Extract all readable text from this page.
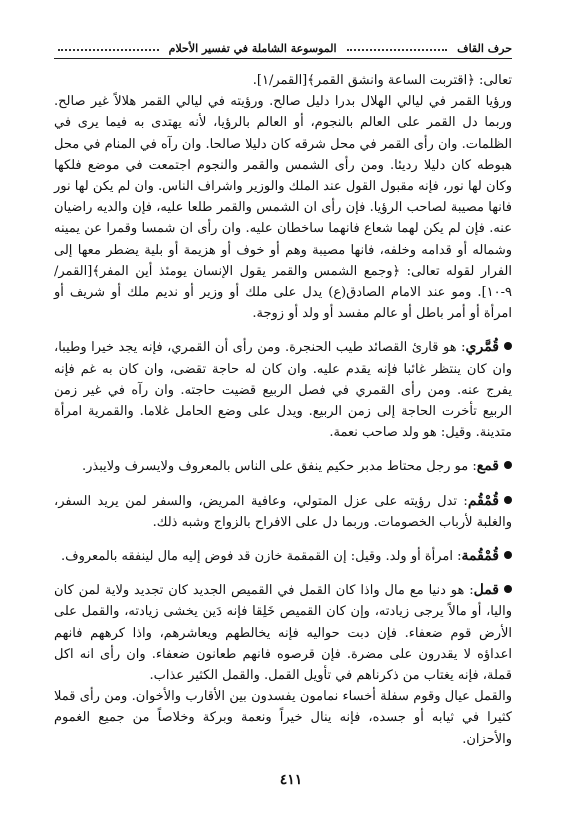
حرف القاف
الموسوعة الشاملة في تفسير الأحلام

تعالى: ﴿اقتربت الساعة وانشق القمر﴾[القمر/١].

ورؤيا القمر في ليالي الهلال بدرا دليل صالح. ورؤيته في ليالي القمر هلالاً غير صالح. وربما دل القمر على العالم بالنجوم، أو العالم بالرؤيا، لأنه يهتدى به فيما يرى في الظلمات. وان رأى القمر في محل شرقه كان دليلا صالحا. وان رآه في المنام في محل هبوطه كان دليلا رديئا. ومن رأى الشمس والقمر والنجوم اجتمعت في موضع فلكها وكان لها نور، فإنه مقبول القول عند الملك والوزير واشراف الناس. وان لم يكن لها نور فانها مصيبة لصاحب الرؤيا. فإن رأى ان الشمس والقمر طلعا عليه، فإن والديه راضيان عنه. فإن لم يكن لهما شعاع فانهما ساخطان عليه. وان رأى ان شمسا وقمرا عن يمينه وشماله أو قدامه وخلفه، فانها مصيبة وهم أو خوف أو هزيمة أو بلية يضطر معها إلى الفرار لقوله تعالى: ﴿وجمع الشمس والقمر يقول الإنسان يومئذ أين المفر﴾[القمر/٩-١٠]. ومو عند الامام الصادق(ع) يدل على ملك أو وزير أو نديم ملك أو شريف أو امرأة أو أمر باطل أو عالم مفسد أو ولد أو زوجة.

قُمَّري: هو قارئ القصائد طيب الحنجرة. ومن رأى أن القمري، فإنه يجد خيرا وطيبا، وان كان ينتظر غائبا فإنه يقدم عليه. وان كان له حاجة تقضى، وان كان به غم فإنه يفرج عنه. ومن رأى القمري في فصل الربيع قضيت حاجته. وان رآه في غير زمن الربيع تأخرت الحاجة إلى زمن الربيع. ويدل على وضع الحامل غلاما. والقمرية امرأة متدينة. وقيل: هو ولد صاحب نعمة.

قمع: مو رجل محتاط مدبر حكيم ينفق على الناس بالمعروف ولايسرف ولايبذر.

قُمْقُم: تدل رؤيته على عزل المتولي، وعافية المريض، والسفر لمن يريد السفر، والغلبة لأرباب الخصومات. وربما دل على الافراح بالزواج وشبه ذلك.

قُمْقُمة: امرأة أو ولد. وقيل: إن القمقمة خازن قد فوض إليه مال لينفقه بالمعروف.

قمل: هو دنيا مع مال واذا كان القمل في القميص الجديد كان تجديد ولاية لمن كان واليا، أو مالاً يرجى زيادته، وإن كان القميص خَلِقا فإنه دَين يخشى زيادته، والقمل على الأرض قوم ضعفاء. فإن دبت حواليه فإنه يخالطهم ويعاشرهم، واذا كرههم فانهم اعداؤه لا يقدرون على مضرة. فإن قرصوه فانهم طعانون ضعفاء. وان رأى انه اكل قملة، فإنه يغتاب من ذكرناهم في تأويل القمل. والقمل الكثير عذاب.

والقمل عيال وقوم سفلة أخساء نمامون يفسدون بين الأقارب والأخوان. ومن رأى قملا كثيرا في ثيابه أو جسده، فإنه ينال خيراً ونعمة وبركة وخلاصاً من جميع الغموم والأحزان.

٤١١
